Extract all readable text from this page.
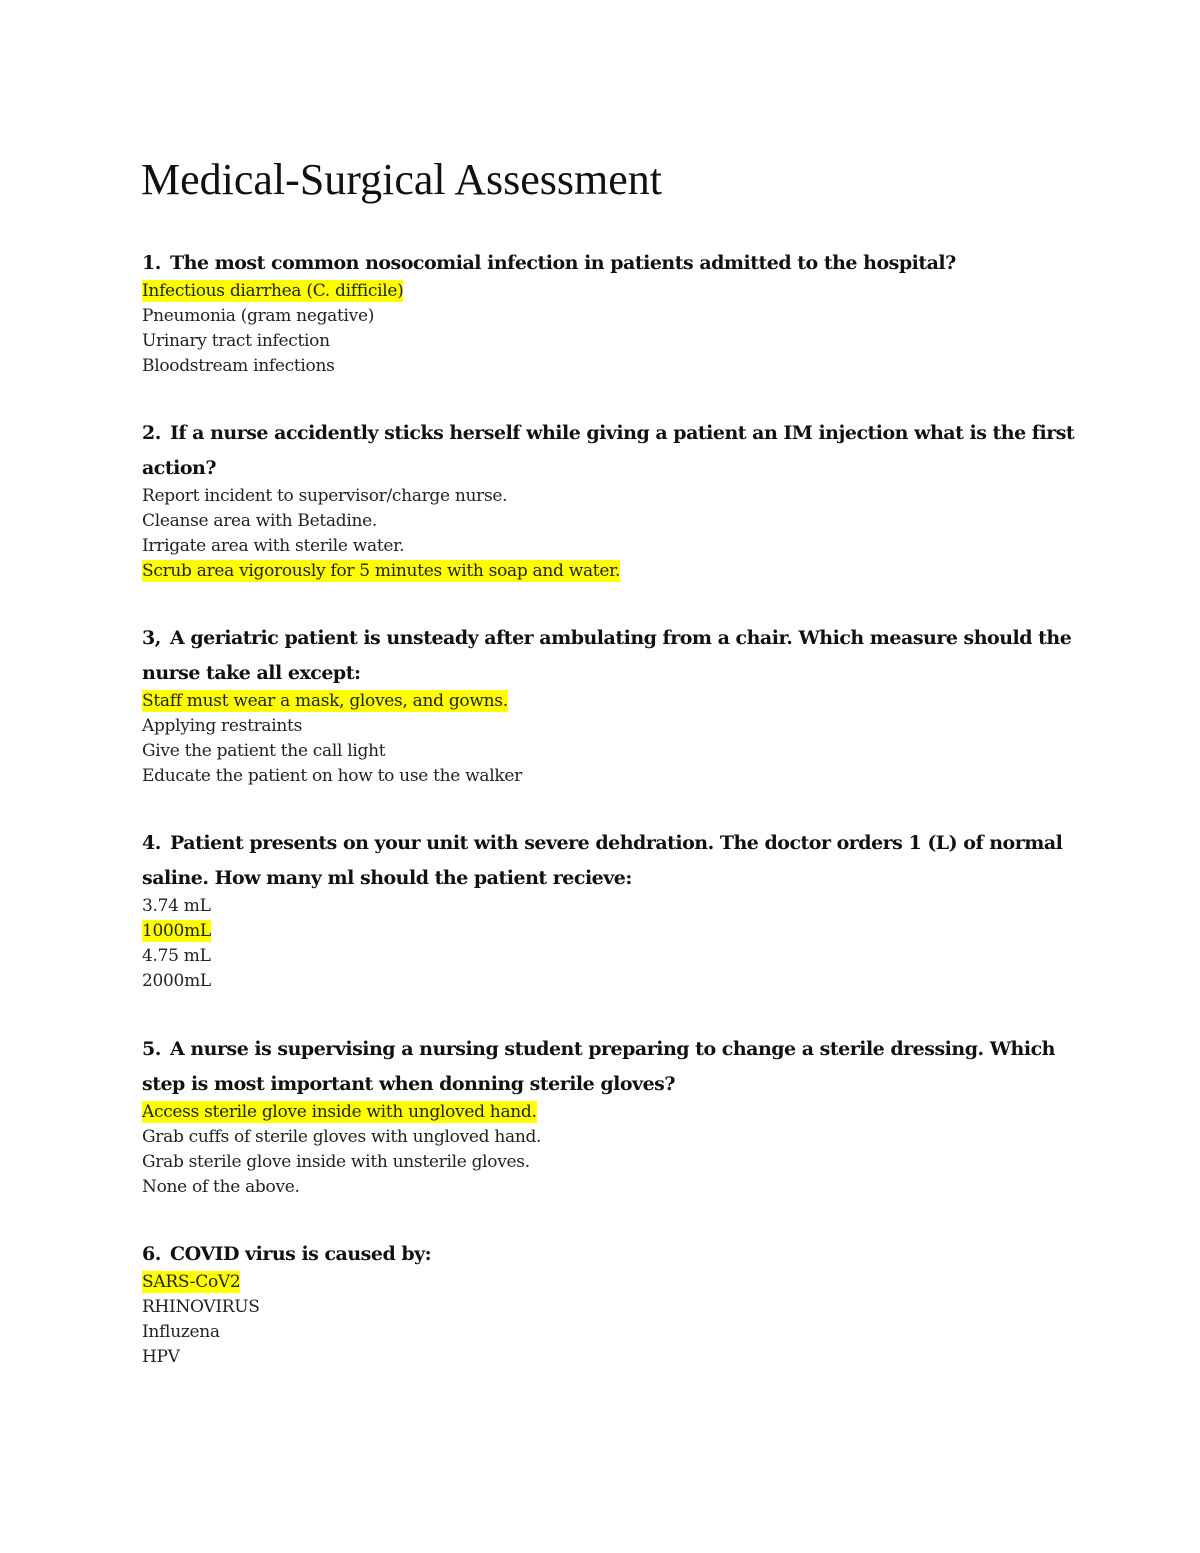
Medical-Surgical Assessment

1. The most common nosocomial infection in patients admitted to the hospital?

Infectious diarrhea (C. difficile)
Pneumonia (gram negative)
Urinary tract infection
Bloodstream infections

2. If a nurse accidently sticks herself while giving a patient an IM injection what is the first action?

Report incident to supervisor/charge nurse.
Cleanse area with Betadine.
Irrigate area with sterile water.
Scrub area vigorously for 5 minutes with soap and water.

3, A geriatric patient is unsteady after ambulating from a chair. Which measure should the nurse take all except:

Staff must wear a mask, gloves, and gowns.
Applying restraints
Give the patient the call light
Educate the patient on how to use the walker

4. Patient presents on your unit with severe dehdration. The doctor orders 1 (L) of normal saline. How many ml should the patient recieve:

3.74 mL
1000mL
4.75 mL
2000mL

5. A nurse is supervising a nursing student preparing to change a sterile dressing. Which step is most important when donning sterile gloves?

Access sterile glove inside with ungloved hand.
Grab cuffs of sterile gloves with ungloved hand.
Grab sterile glove inside with unsterile gloves.
None of the above.

6. COVID virus is caused by:

SARS-CoV2
RHINOVIRUS
Influzena
HPV
